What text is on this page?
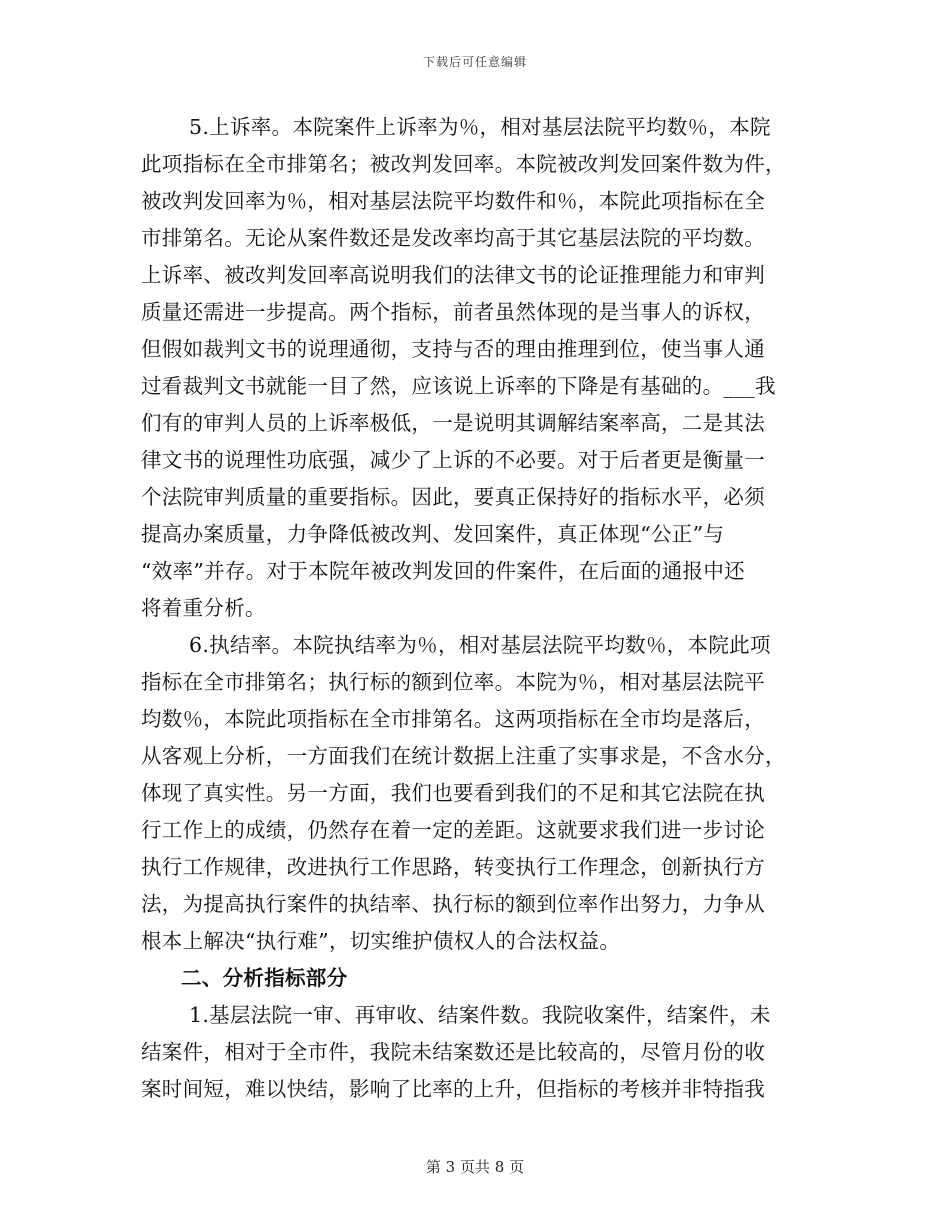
下载后可任意编辑
5.上诉率。本院案件上诉率为％，相对基层法院平均数％，本院
此项指标在全市排第名；被改判发回率。本院被改判发回案件数为件，
被改判发回率为％，相对基层法院平均数件和％，本院此项指标在全
市排第名。无论从案件数还是发改率均高于其它基层法院的平均数。
上诉率、被改判发回率高说明我们的法律文书的论证推理能力和审判
质量还需进一步提高。两个指标，前者虽然体现的是当事人的诉权，
但假如裁判文书的说理通彻，支持与否的理由推理到位，使当事人通
过看裁判文书就能一目了然，应该说上诉率的下降是有基础的。___我
们有的审判人员的上诉率极低，一是说明其调解结案率高，二是其法
律文书的说理性功底强，减少了上诉的不必要。对于后者更是衡量一
个法院审判质量的重要指标。因此，要真正保持好的指标水平，必须
提高办案质量，力争降低被改判、发回案件，真正体现“公正”与
“效率”并存。对于本院年被改判发回的件案件，在后面的通报中还
将着重分析。
6.执结率。本院执结率为％，相对基层法院平均数％，本院此项
指标在全市排第名；执行标的额到位率。本院为％，相对基层法院平
均数％，本院此项指标在全市排第名。这两项指标在全市均是落后，
从客观上分析，一方面我们在统计数据上注重了实事求是，不含水分，
体现了真实性。另一方面，我们也要看到我们的不足和其它法院在执
行工作上的成绩，仍然存在着一定的差距。这就要求我们进一步讨论
执行工作规律，改进执行工作思路，转变执行工作理念，创新执行方
法，为提高执行案件的执结率、执行标的额到位率作出努力，力争从
根本上解决“执行难”，切实维护债权人的合法权益。
二、分析指标部分
1.基层法院一审、再审收、结案件数。我院收案件，结案件，未
结案件，相对于全市件，我院未结案数还是比较高的，尽管月份的收
案时间短，难以快结，影响了比率的上升，但指标的考核并非特指我
第 3 页共 8 页
